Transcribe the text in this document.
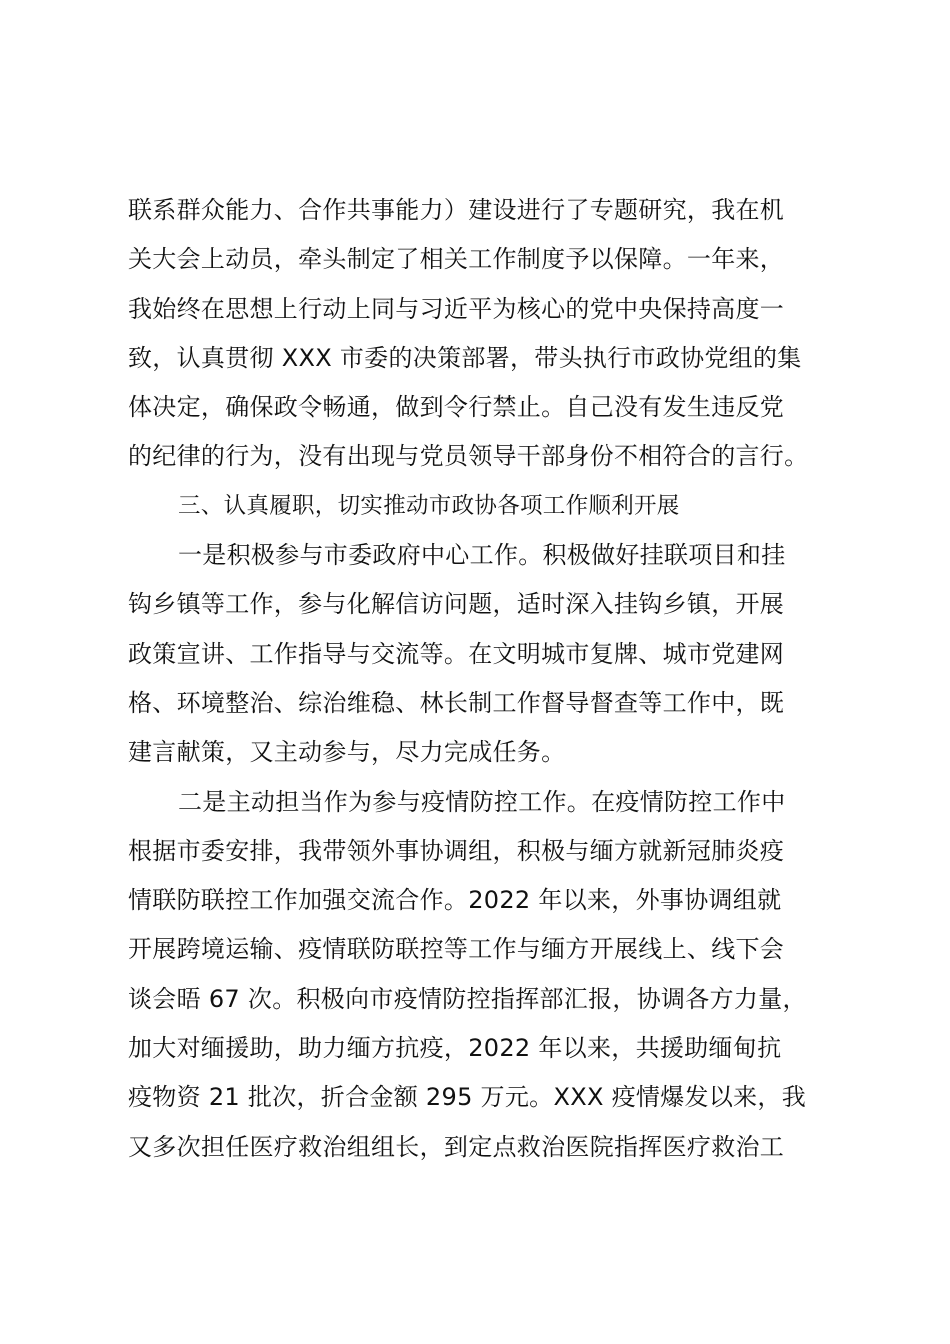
联系群众能力、合作共事能力）建设进行了专题研究，我在机
关大会上动员，牵头制定了相关工作制度予以保障。一年来，
我始终在思想上行动上同与习近平为核心的党中央保持高度一
致，认真贯彻 XXX 市委的决策部署，带头执行市政协党组的集
体决定，确保政令畅通，做到令行禁止。自己没有发生违反党
的纪律的行为，没有出现与党员领导干部身份不相符合的言行。
三、认真履职，切实推动市政协各项工作顺利开展
一是积极参与市委政府中心工作。积极做好挂联项目和挂
钩乡镇等工作，参与化解信访问题，适时深入挂钩乡镇，开展
政策宣讲、工作指导与交流等。在文明城市复牌、城市党建网
格、环境整治、综治维稳、林长制工作督导督查等工作中，既
建言献策，又主动参与，尽力完成任务。
二是主动担当作为参与疫情防控工作。在疫情防控工作中
根据市委安排，我带领外事协调组，积极与缅方就新冠肺炎疫
情联防联控工作加强交流合作。2022 年以来，外事协调组就
开展跨境运输、疫情联防联控等工作与缅方开展线上、线下会
谈会晤 67 次。积极向市疫情防控指挥部汇报，协调各方力量，
加大对缅援助，助力缅方抗疫，2022 年以来，共援助缅甸抗
疫物资 21 批次，折合金额 295 万元。XXX 疫情爆发以来，我
又多次担任医疗救治组组长，到定点救治医院指挥医疗救治工
